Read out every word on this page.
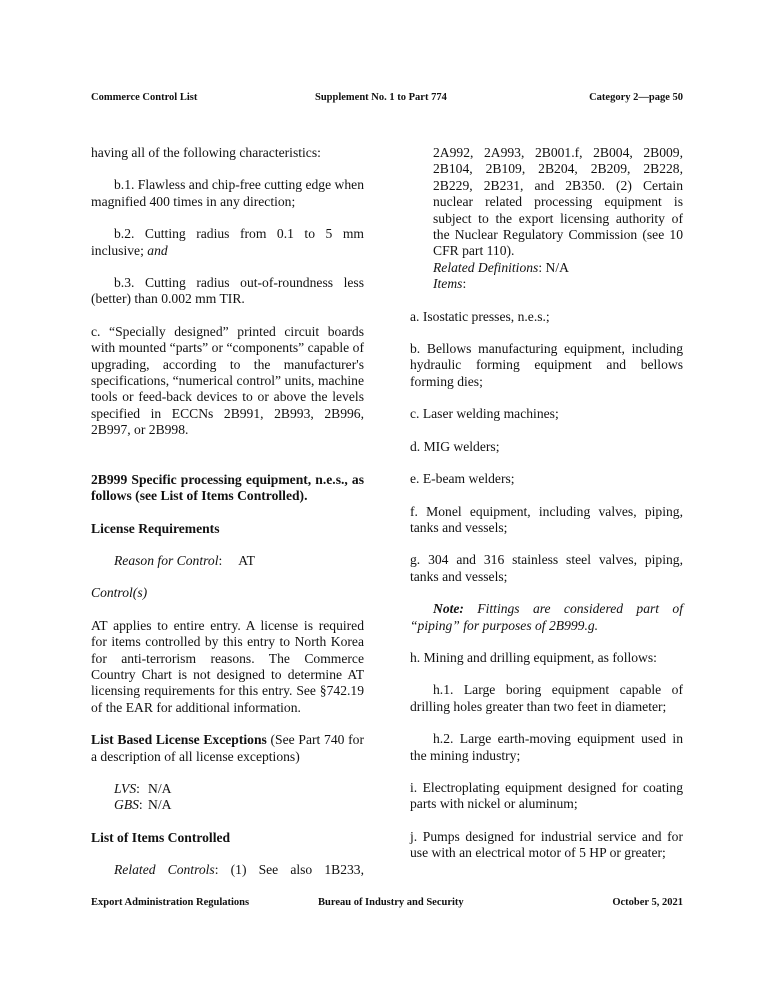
Commerce Control List	Supplement No. 1 to Part 774	Category 2—page 50

having all of the following characteristics:

b.1. Flawless and chip-free cutting edge when magnified 400 times in any direction;

b.2. Cutting radius from 0.1 to 5 mm inclusive; and

b.3. Cutting radius out-of-roundness less (better) than 0.002 mm TIR.

c. “Specially designed” printed circuit boards with mounted “parts” or “components” capable of upgrading, according to the manufacturer's specifications, “numerical control” units, machine tools or feed-back devices to or above the levels specified in ECCNs 2B991, 2B993, 2B996, 2B997, or 2B998.

2B999 Specific processing equipment, n.e.s., as follows (see List of Items Controlled).

License Requirements

Reason for Control: AT

Control(s)

AT applies to entire entry. A license is required for items controlled by this entry to North Korea for anti-terrorism reasons. The Commerce Country Chart is not designed to determine AT licensing requirements for this entry. See §742.19 of the EAR for additional information.

List Based License Exceptions (See Part 740 for a description of all license exceptions)

LVS: N/A

GBS: N/A

List of Items Controlled

Related Controls: (1) See also 1B233,

2A992, 2A993, 2B001.f, 2B004, 2B009, 2B104, 2B109, 2B204, 2B209, 2B228, 2B229, 2B231, and 2B350. (2) Certain nuclear related processing equipment is subject to the export licensing authority of the Nuclear Regulatory Commission (see 10 CFR part 110).

Related Definitions: N/A

Items:

a. Isostatic presses, n.e.s.;

b. Bellows manufacturing equipment, including hydraulic forming equipment and bellows forming dies;

c. Laser welding machines;

d. MIG welders;

e. E-beam welders;

f. Monel equipment, including valves, piping, tanks and vessels;

g. 304 and 316 stainless steel valves, piping, tanks and vessels;

Note: Fittings are considered part of “piping” for purposes of 2B999.g.

h. Mining and drilling equipment, as follows:

h.1. Large boring equipment capable of drilling holes greater than two feet in diameter;

h.2. Large earth-moving equipment used in the mining industry;

i. Electroplating equipment designed for coating parts with nickel or aluminum;

j. Pumps designed for industrial service and for use with an electrical motor of 5 HP or greater;

Export Administration Regulations	Bureau of Industry and Security	October 5, 2021
